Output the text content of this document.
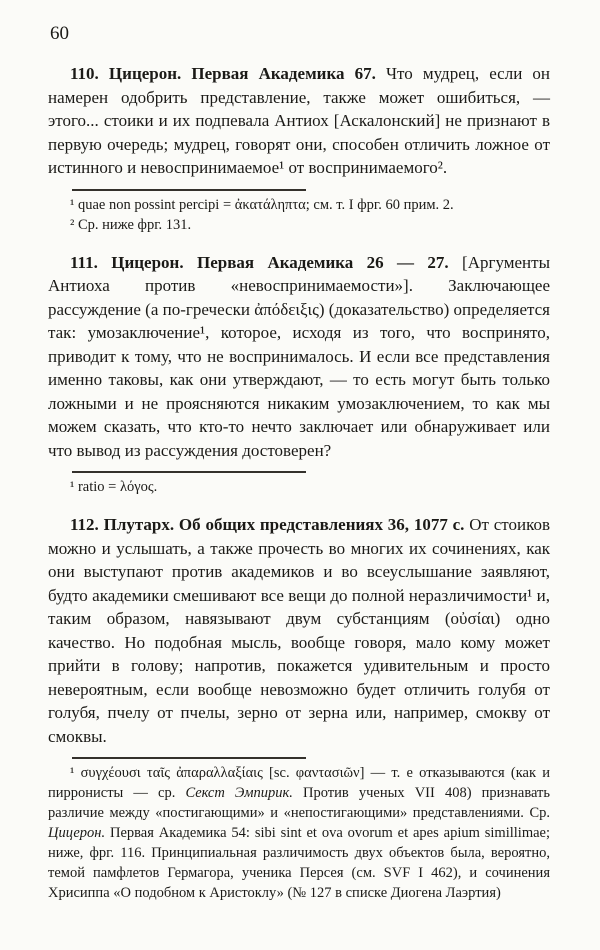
60

110. Цицерон. Первая Академика 67. Что мудрец, если он намерен одобрить представление, также может ошибиться, — этого... стоики и их подпевала Антиох [Аскалонский] не признают в первую очередь; мудрец, говорят они, способен отличить ложное от истинного и невоспринимаемое¹ от воспринимаемого².

¹ quae non possint percipi = ἀκατάληπτα; см. т. I фрг. 60 прим. 2.

² Ср. ниже фрг. 131.

111. Цицерон. Первая Академика 26 — 27. [Аргументы Антиоха против «невоспринимаемости»]. Заключающее рассуждение (а по-гречески ἀπόδειξις) (доказательство) определяется так: умозаключение¹, которое, исходя из того, что воспринято, приводит к тому, что не воспринималось. И если все представления именно таковы, как они утверждают, — то есть могут быть только ложными и не проясняются никаким умозаключением, то как мы можем сказать, что кто-то нечто заключает или обнаруживает или что вывод из рассуждения достоверен?

¹ ratio = λόγος.

112. Плутарх. Об общих представлениях 36, 1077 с. От стоиков можно и услышать, а также прочесть во многих их сочинениях, как они выступают против академиков и во всеуслышание заявляют, будто академики смешивают все вещи до полной неразличимости¹ и, таким образом, навязывают двум субстанциям (οὐσίαι) одно качество. Но подобная мысль, вообще говоря, мало кому может прийти в голову; напротив, покажется удивительным и просто невероятным, если вообще невозможно будет отличить голубя от голубя, пчелу от пчелы, зерно от зерна или, например, смокву от смоквы.

¹ συγχέουσι ταῖς ἀπαραλλαξίαις [sc. φαντασιῶν] — т. е отказываются (как и пирронисты — ср. Секст Эмпирик. Против ученых VII 408) признавать различие между «постигающими» и «непостигающими» представлениями. Ср. Цицерон. Первая Академика 54: sibi sint et ova ovorum et apes apium simillimae; ниже, фрг. 116. Принципиальная различимость двух объектов была, вероятно, темой памфлетов Гермагора, ученика Персея (см. SVF I 462), и сочинения Хрисиппа «О подобном к Аристоклу» (№ 127 в списке Диогена Лаэртия)
